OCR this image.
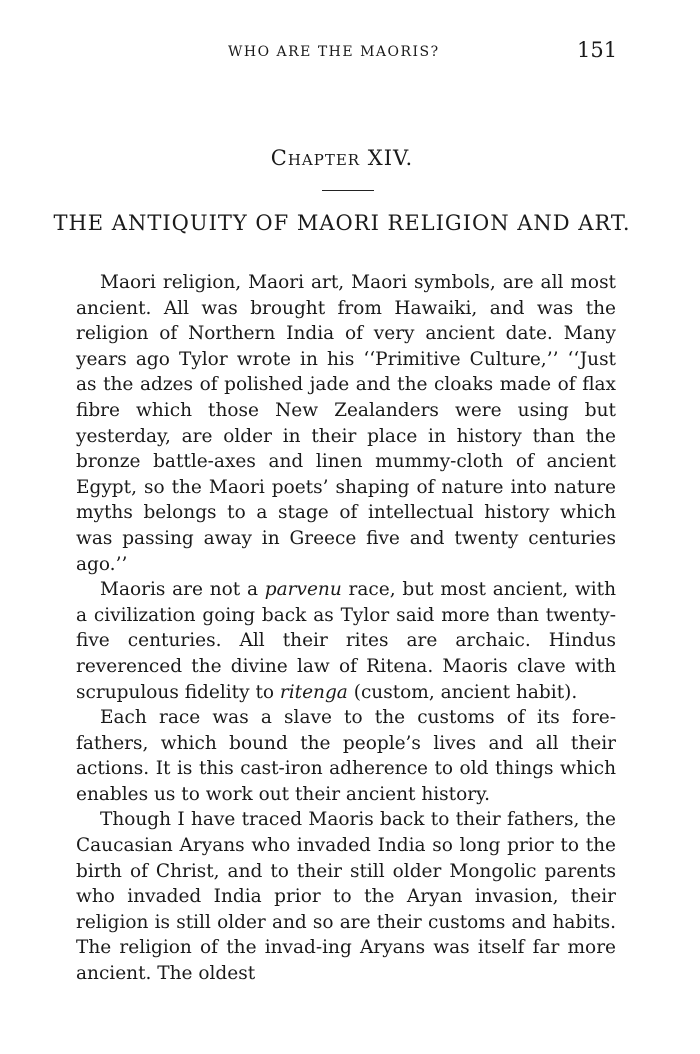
WHO ARE THE MAORIS?	151
Chapter XIV.
THE ANTIQUITY OF MAORI RELIGION AND ART.

Maori religion, Maori art, Maori symbols, are all most ancient. All was brought from Hawaiki, and was the religion of Northern India of very ancient date. Many years ago Tylor wrote in his ‘‘Primitive Culture,’’ ‘‘Just as the adzes of polished jade and the cloaks made of flax fibre which those New Zealanders were using but yesterday, are older in their place in history than the bronze battle-axes and linen mummy-cloth of ancient Egypt, so the Maori poets’ shaping of nature into nature myths belongs to a stage of intellectual history which was passing away in Greece five and twenty centuries ago.’’

Maoris are not a parvenu race, but most ancient, with a civilization going back as Tylor said more than twenty-five centuries. All their rites are archaic. Hindus reverenced the divine law of Ritena. Maoris clave with scrupulous fidelity to ritenga (custom, ancient habit).

Each race was a slave to the customs of its fore-fathers, which bound the people’s lives and all their actions. It is this cast-iron adherence to old things which enables us to work out their ancient history.

Though I have traced Maoris back to their fathers, the Caucasian Aryans who invaded India so long prior to the birth of Christ, and to their still older Mongolic parents who invaded India prior to the Aryan invasion, their religion is still older and so are their customs and habits. The religion of the invad-ing Aryans was itself far more ancient. The oldest
